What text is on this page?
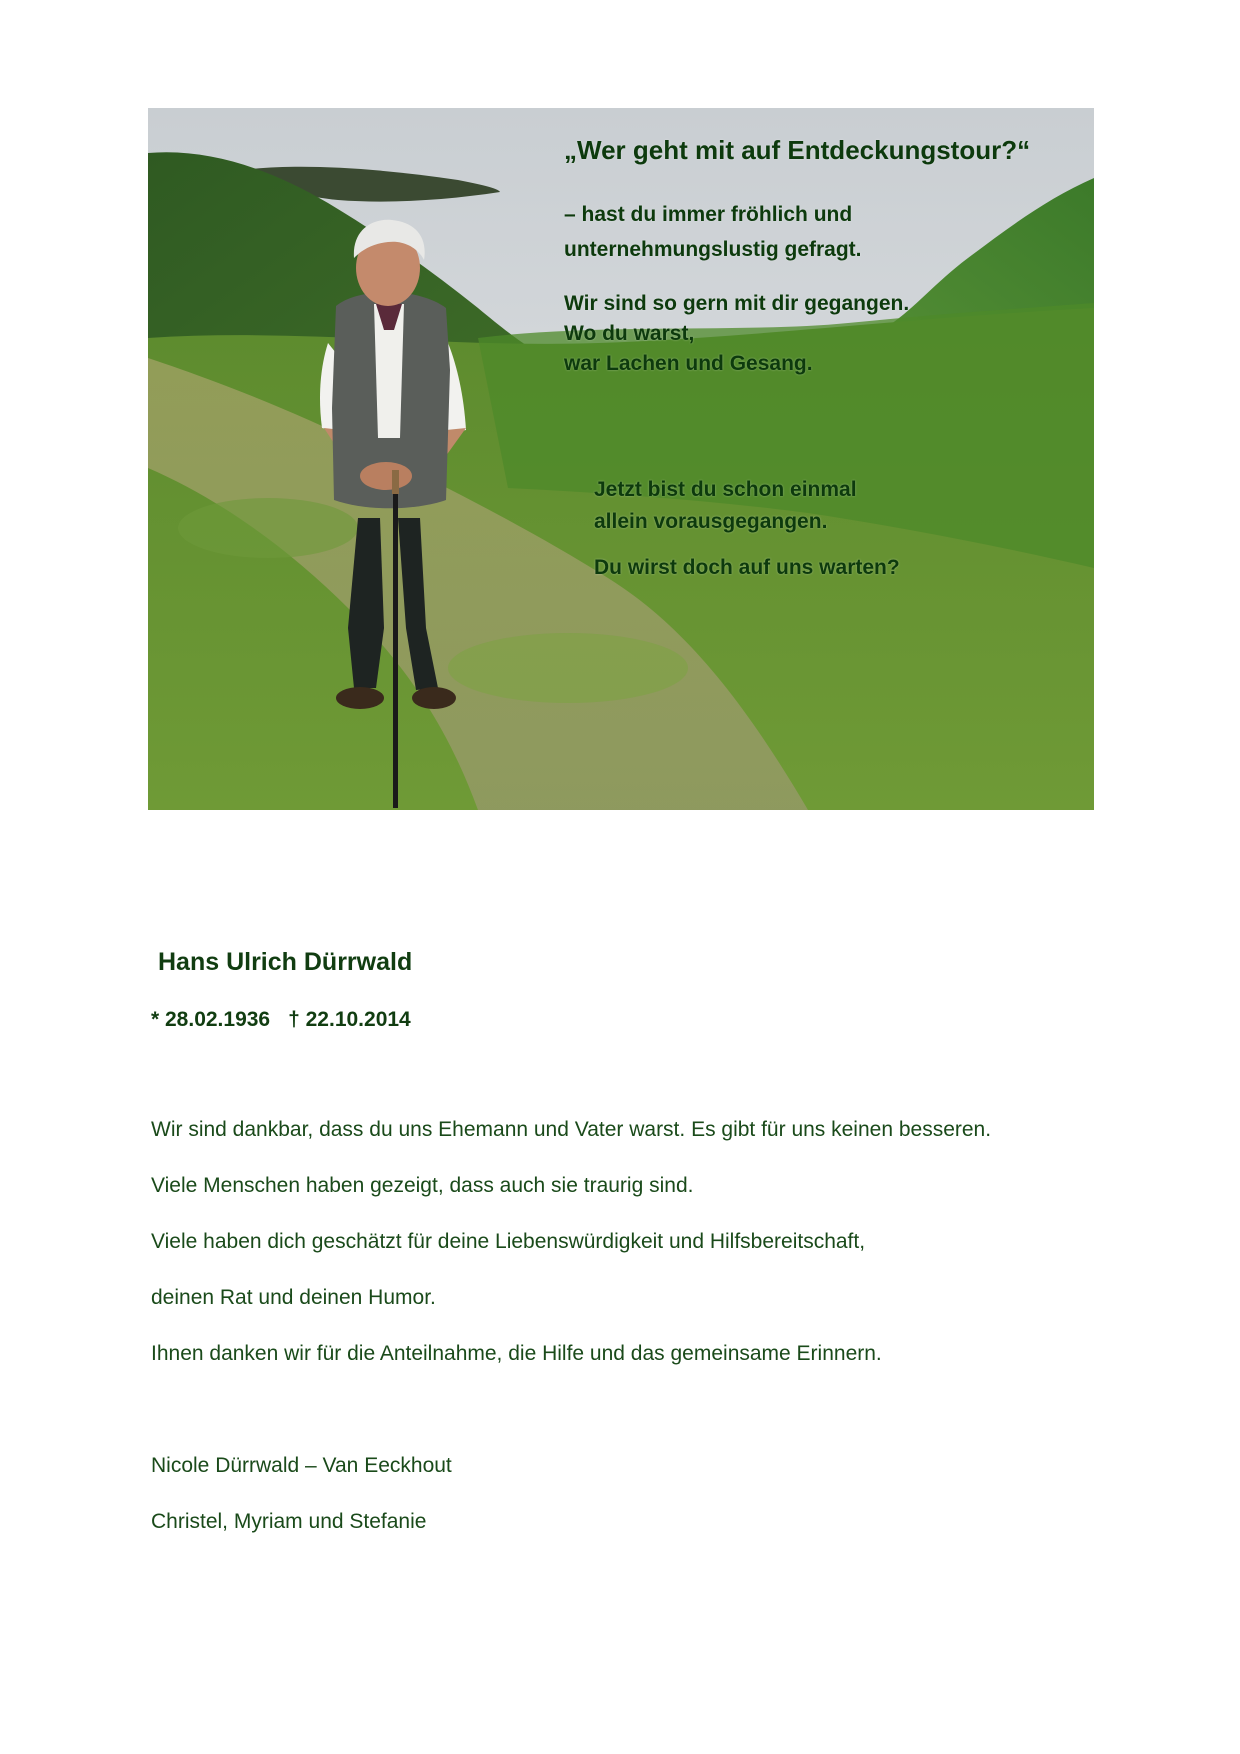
„Wer geht mit auf Entdeckungstour?“

– hast du immer fröhlich und
unternehmungslustig gefragt.

Wir sind so gern mit dir gegangen.
Wo du warst,
war Lachen und Gesang.

Jetzt bist du schon einmal
allein vorausgegangen.

Du wirst doch auf uns warten?

Hans Ulrich Dürrwald

* 28.02.1936 † 22.10.2014

Wir sind dankbar, dass du uns Ehemann und Vater warst. Es gibt für uns keinen besseren.

Viele Menschen haben gezeigt, dass auch sie traurig sind.

Viele haben dich geschätzt für deine Liebenswürdigkeit und Hilfsbereitschaft,

deinen Rat und deinen Humor.

Ihnen danken wir für die Anteilnahme, die Hilfe und das gemeinsame Erinnern.

Nicole Dürrwald – Van Eeckhout

Christel, Myriam und Stefanie
